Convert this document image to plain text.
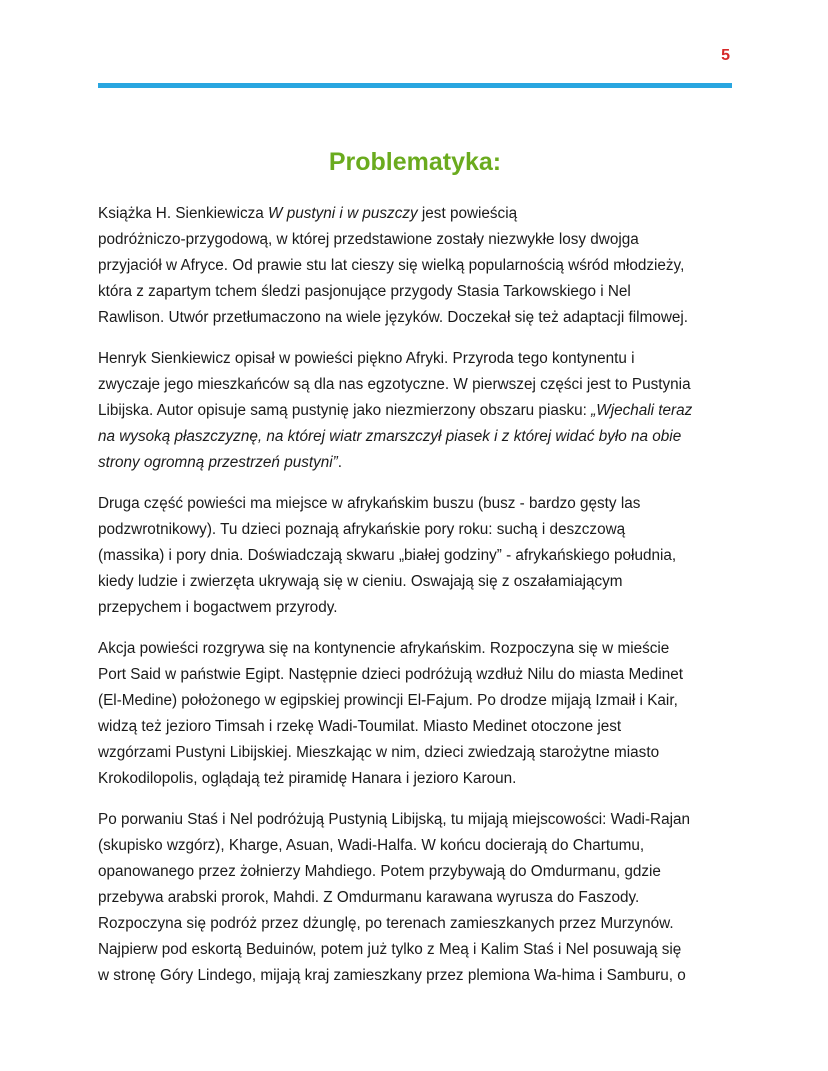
5
Problematyka:

Książka H. Sienkiewicza W pustyni i w puszczy jest powieścią
podróżniczo-przygodową, w której przedstawione zostały niezwykłe losy dwojga
przyjaciół w Afryce. Od prawie stu lat cieszy się wielką popularnością wśród młodzieży,
która z zapartym tchem śledzi pasjonujące przygody Stasia Tarkowskiego i Nel
Rawlison. Utwór przetłumaczono na wiele języków. Doczekał się też adaptacji filmowej.

Henryk Sienkiewicz opisał w powieści piękno Afryki. Przyroda tego kontynentu i
zwyczaje jego mieszkańców są dla nas egzotyczne. W pierwszej części jest to Pustynia
Libijska. Autor opisuje samą pustynię jako niezmierzony obszaru piasku: „Wjechali teraz
na wysoką płaszczyznę, na której wiatr zmarszczył piasek i z której widać było na obie
strony ogromną przestrzeń pustyni”.

Druga część powieści ma miejsce w afrykańskim buszu (busz - bardzo gęsty las
podzwrotnikowy). Tu dzieci poznają afrykańskie pory roku: suchą i deszczową
(massika) i pory dnia. Doświadczają skwaru „białej godziny” - afrykańskiego południa,
kiedy ludzie i zwierzęta ukrywają się w cieniu. Oswajają się z oszałamiającym
przepychem i bogactwem przyrody.

Akcja powieści rozgrywa się na kontynencie afrykańskim. Rozpoczyna się w mieście
Port Said w państwie Egipt. Następnie dzieci podróżują wzdłuż Nilu do miasta Medinet
(El-Medine) położonego w egipskiej prowincji El-Fajum. Po drodze mijają Izmaił i Kair,
widzą też jezioro Timsah i rzekę Wadi-Toumilat. Miasto Medinet otoczone jest
wzgórzami Pustyni Libijskiej. Mieszkając w nim, dzieci zwiedzają starożytne miasto
Krokodilopolis, oglądają też piramidę Hanara i jezioro Karoun.

Po porwaniu Staś i Nel podróżują Pustynią Libijską, tu mijają miejscowości: Wadi-Rajan
(skupisko wzgórz), Kharge, Asuan, Wadi-Halfa. W końcu docierają do Chartumu,
opanowanego przez żołnierzy Mahdiego. Potem przybywają do Omdurmanu, gdzie
przebywa arabski prorok, Mahdi. Z Omdurmanu karawana wyrusza do Faszody.
Rozpoczyna się podróż przez dżunglę, po terenach zamieszkanych przez Murzynów.
Najpierw pod eskortą Beduinów, potem już tylko z Meą i Kalim Staś i Nel posuwają się
w stronę Góry Lindego, mijają kraj zamieszkany przez plemiona Wa-hima i Samburu, o
